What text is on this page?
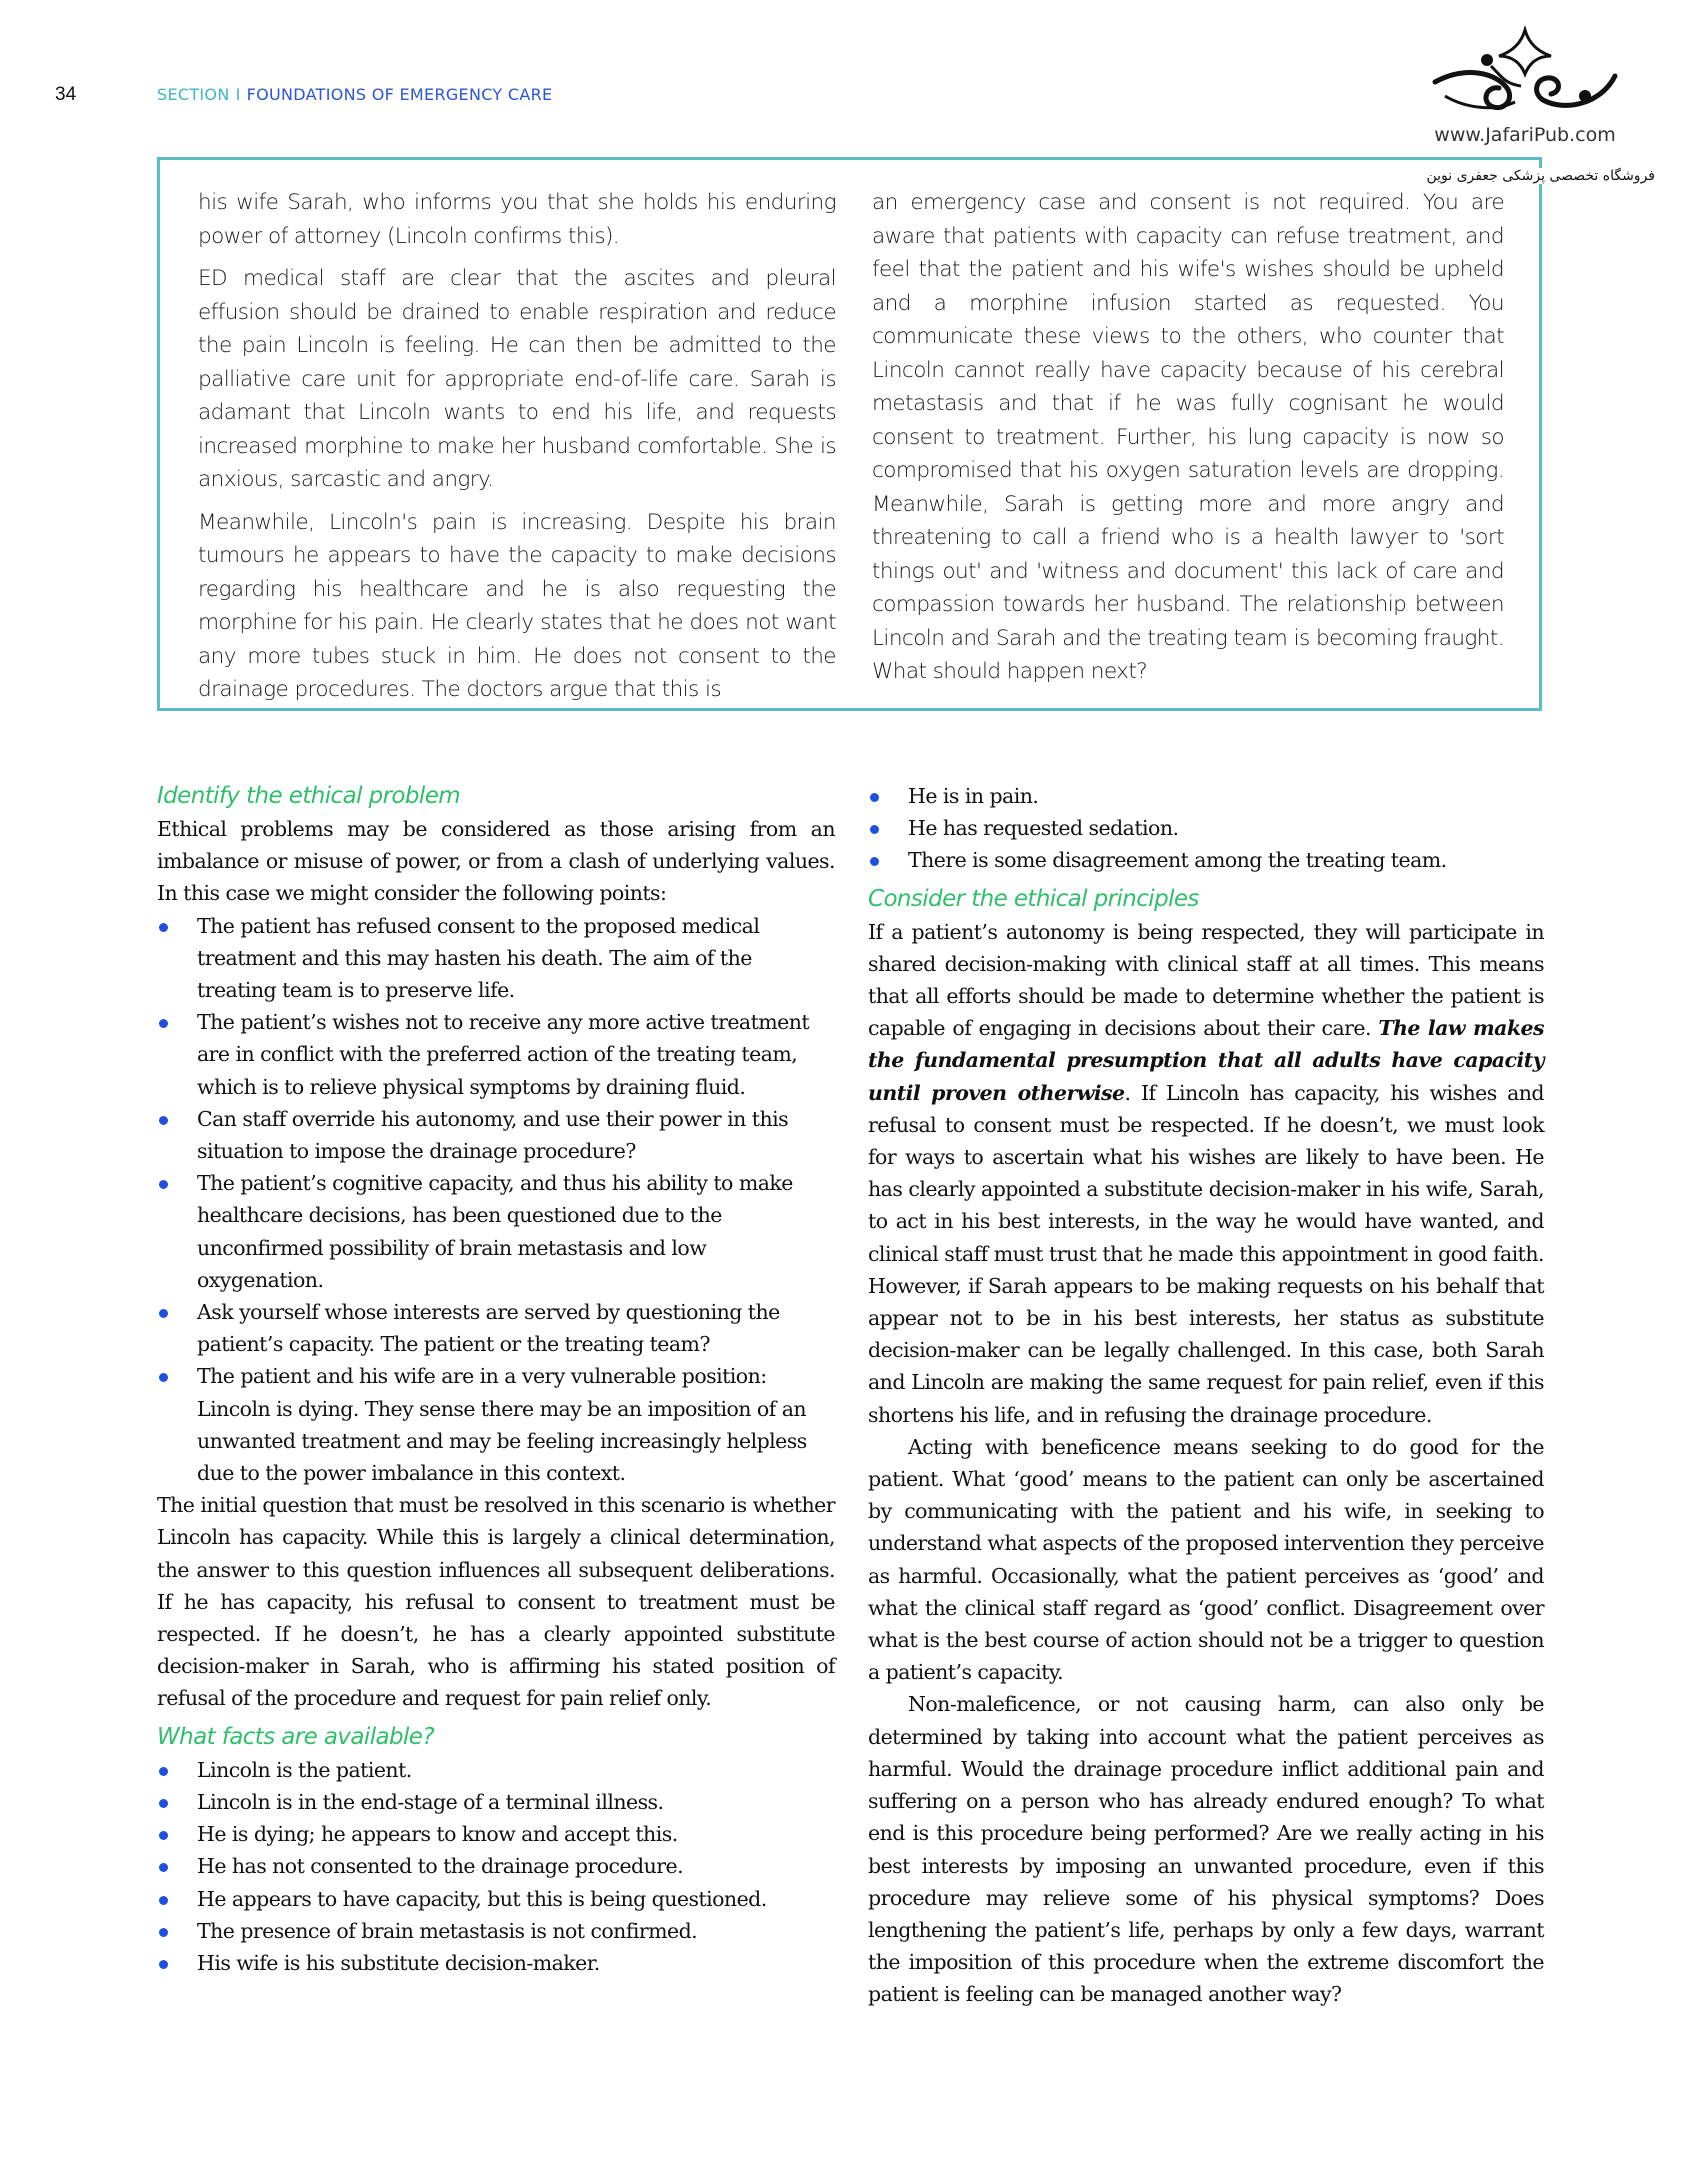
34	SECTION I FOUNDATIONS OF EMERGENCY CARE
www.JafariPub.com
فروشگاه تخصصی پزشکی جعفری نوین

his wife Sarah, who informs you that she holds his enduring power of attorney (Lincoln confirms this).

ED medical staff are clear that the ascites and pleural effusion should be drained to enable respiration and reduce the pain Lincoln is feeling. He can then be admitted to the palliative care unit for appropriate end-of-life care. Sarah is adamant that Lincoln wants to end his life, and requests increased morphine to make her husband comfortable. She is anxious, sarcastic and angry.

Meanwhile, Lincoln's pain is increasing. Despite his brain tumours he appears to have the capacity to make decisions regarding his healthcare and he is also requesting the morphine for his pain. He clearly states that he does not want any more tubes stuck in him. He does not consent to the drainage procedures. The doctors argue that this is

an emergency case and consent is not required. You are aware that patients with capacity can refuse treatment, and feel that the patient and his wife's wishes should be upheld and a morphine infusion started as requested. You communicate these views to the others, who counter that Lincoln cannot really have capacity because of his cerebral metastasis and that if he was fully cognisant he would consent to treatment. Further, his lung capacity is now so compromised that his oxygen saturation levels are dropping. Meanwhile, Sarah is getting more and more angry and threatening to call a friend who is a health lawyer to 'sort things out' and 'witness and document' this lack of care and compassion towards her husband. The relationship between Lincoln and Sarah and the treating team is becoming fraught. What should happen next?

Identify the ethical problem

Ethical problems may be considered as those arising from an imbalance or misuse of power, or from a clash of underlying values. In this case we might consider the following points:

The patient has refused consent to the proposed medical treatment and this may hasten his death. The aim of the treating team is to preserve life.
The patient’s wishes not to receive any more active treatment are in conflict with the preferred action of the treating team, which is to relieve physical symptoms by draining fluid.
Can staff override his autonomy, and use their power in this situation to impose the drainage procedure?
The patient’s cognitive capacity, and thus his ability to make healthcare decisions, has been questioned due to the unconfirmed possibility of brain metastasis and low oxygenation.
Ask yourself whose interests are served by questioning the patient’s capacity. The patient or the treating team?
The patient and his wife are in a very vulnerable position: Lincoln is dying. They sense there may be an imposition of an unwanted treatment and may be feeling increasingly helpless due to the power imbalance in this context.

The initial question that must be resolved in this scenario is whether Lincoln has capacity. While this is largely a clinical determination, the answer to this question influences all subsequent deliberations. If he has capacity, his refusal to consent to treatment must be respected. If he doesn’t, he has a clearly appointed substitute decision-maker in Sarah, who is affirming his stated position of refusal of the procedure and request for pain relief only.

What facts are available?
Lincoln is the patient.
Lincoln is in the end-stage of a terminal illness.
He is dying; he appears to know and accept this.
He has not consented to the drainage procedure.
He appears to have capacity, but this is being questioned.
The presence of brain metastasis is not confirmed.
His wife is his substitute decision-maker.
He is in pain.
He has requested sedation.
There is some disagreement among the treating team.
Consider the ethical principles

If a patient’s autonomy is being respected, they will participate in shared decision-making with clinical staff at all times. This means that all efforts should be made to determine whether the patient is capable of engaging in decisions about their care. The law makes the fundamental presumption that all adults have capacity until proven otherwise. If Lincoln has capacity, his wishes and refusal to consent must be respected. If he doesn’t, we must look for ways to ascertain what his wishes are likely to have been. He has clearly appointed a substitute decision-maker in his wife, Sarah, to act in his best interests, in the way he would have wanted, and clinical staff must trust that he made this appointment in good faith. However, if Sarah appears to be making requests on his behalf that appear not to be in his best interests, her status as substitute decision-maker can be legally challenged. In this case, both Sarah and Lincoln are making the same request for pain relief, even if this shortens his life, and in refusing the drainage procedure.

Acting with beneficence means seeking to do good for the patient. What ‘good’ means to the patient can only be ascertained by communicating with the patient and his wife, in seeking to understand what aspects of the proposed intervention they perceive as harmful. Occasionally, what the patient perceives as ‘good’ and what the clinical staff regard as ‘good’ conflict. Disagreement over what is the best course of action should not be a trigger to question a patient’s capacity.

Non-maleficence, or not causing harm, can also only be determined by taking into account what the patient perceives as harmful. Would the drainage procedure inflict additional pain and suffering on a person who has already endured enough? To what end is this procedure being performed? Are we really acting in his best interests by imposing an unwanted procedure, even if this procedure may relieve some of his physical symptoms? Does lengthening the patient’s life, perhaps by only a few days, warrant the imposition of this procedure when the extreme discomfort the patient is feeling can be managed another way?
